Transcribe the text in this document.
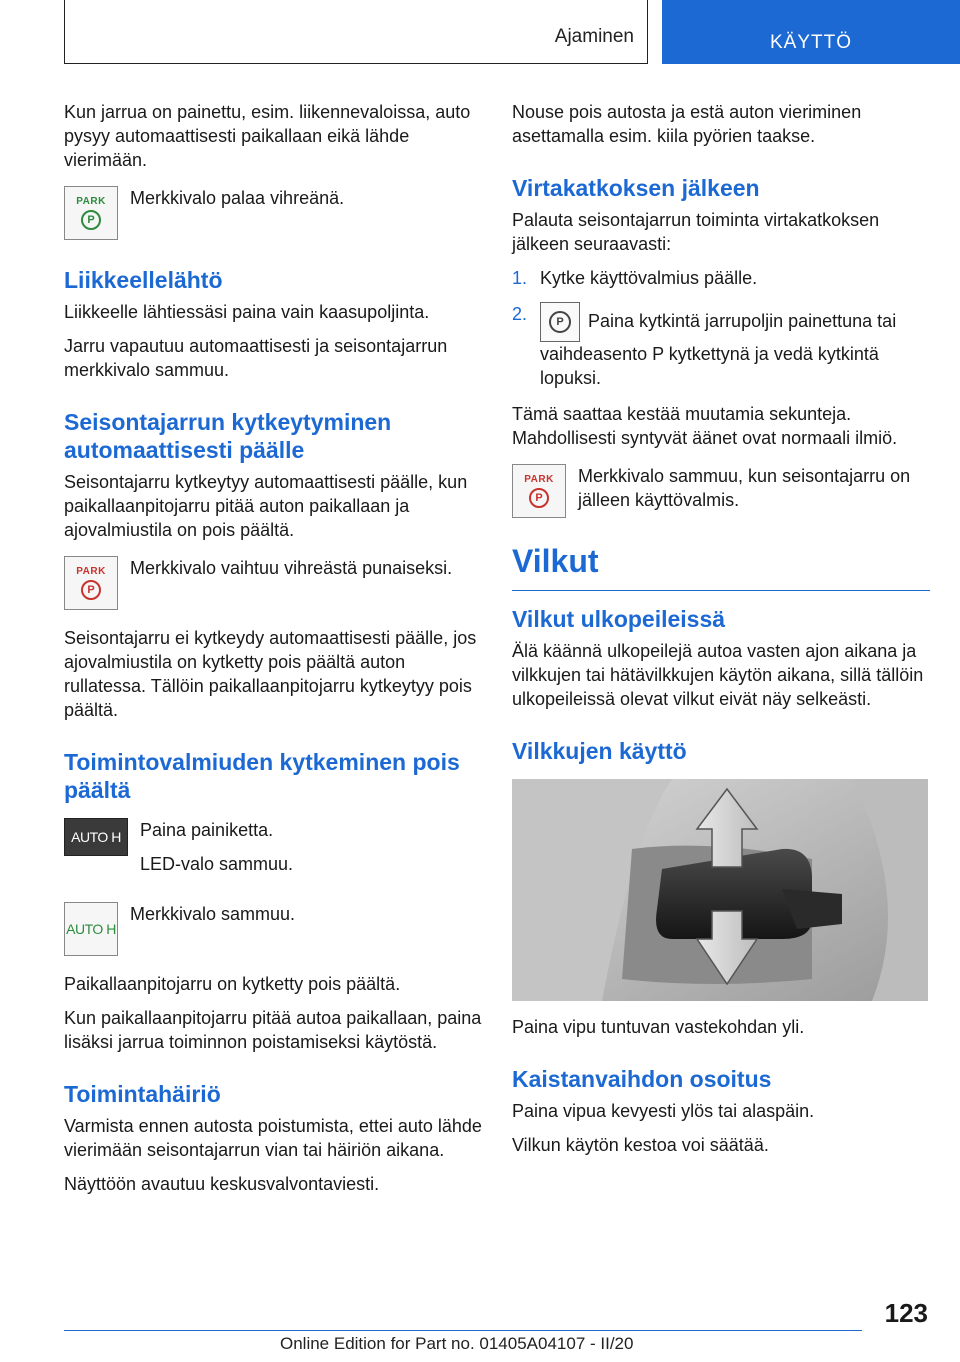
Ajaminen	KÄYTTÖ

Kun jarrua on painettu, esim. liikennevaloissa, auto pysyy automaattisesti paikallaan eikä lähde vierimään.

PARK
P

Merkkivalo palaa vihreänä.

Liikkeellelähtö

Liikkeelle lähtiessäsi paina vain kaasupoljinta.

Jarru vapautuu automaattisesti ja seisontajarrun merkkivalo sammuu.

Seisontajarrun kytkeytyminen automaattisesti päälle

Seisontajarru kytkeytyy automaattisesti päälle, kun paikallaanpitojarru pitää auton paikallaan ja ajovalmiustila on pois päältä.

PARK
P

Merkkivalo vaihtuu vihreästä punaiseksi.

Seisontajarru ei kytkeydy automaattisesti päälle, jos ajovalmiustila on kytketty pois päältä auton rullatessa. Tällöin paikallaanpitojarru kytkeytyy pois päältä.

Toimintovalmiuden kytkeminen pois päältä
AUTO H Paina painiketta.

LED-valo sammuu.

AUTO H

Merkkivalo sammuu.

Paikallaanpitojarru on kytketty pois päältä.

Kun paikallaanpitojarru pitää autoa paikallaan, paina lisäksi jarrua toiminnon poistamiseksi käytöstä.

Toimintahäiriö

Varmista ennen autosta poistumista, ettei auto lähde vierimään seisontajarrun vian tai häiriön aikana.

Näyttöön avautuu keskusvalvontaviesti.

Nouse pois autosta ja estä auton vieriminen asettamalla esim. kiila pyörien taakse.

Virtakatkoksen jälkeen

Palauta seisontajarrun toiminta virtakatkoksen jälkeen seuraavasti:

1. Kytke käyttövalmius päälle.
2.	P	Paina kytkintä jarrupoljin painettuna tai vaihdeasento P kytkettynä ja vedä kytkintä lopuksi.

Tämä saattaa kestää muutamia sekunteja. Mahdollisesti syntyvät äänet ovat normaali ilmiö.

PARK
P

Merkkivalo sammuu, kun seisontajarru on jälleen käyttövalmis.

Vilkut
Vilkut ulkopeileissä

Älä käännä ulkopeilejä autoa vasten ajon aikana ja vilkkujen tai hätävilkkujen käytön aikana, sillä tällöin ulkopeileissä olevat vilkut eivät näy selkeästi.

Vilkkujen käyttö

Paina vipu tuntuvan vastekohdan yli.

Kaistanvaihdon osoitus

Paina vipua kevyesti ylös tai alaspäin.

Vilkun käytön kestoa voi säätää.

123
Online Edition for Part no. 01405A04107 - II/20
